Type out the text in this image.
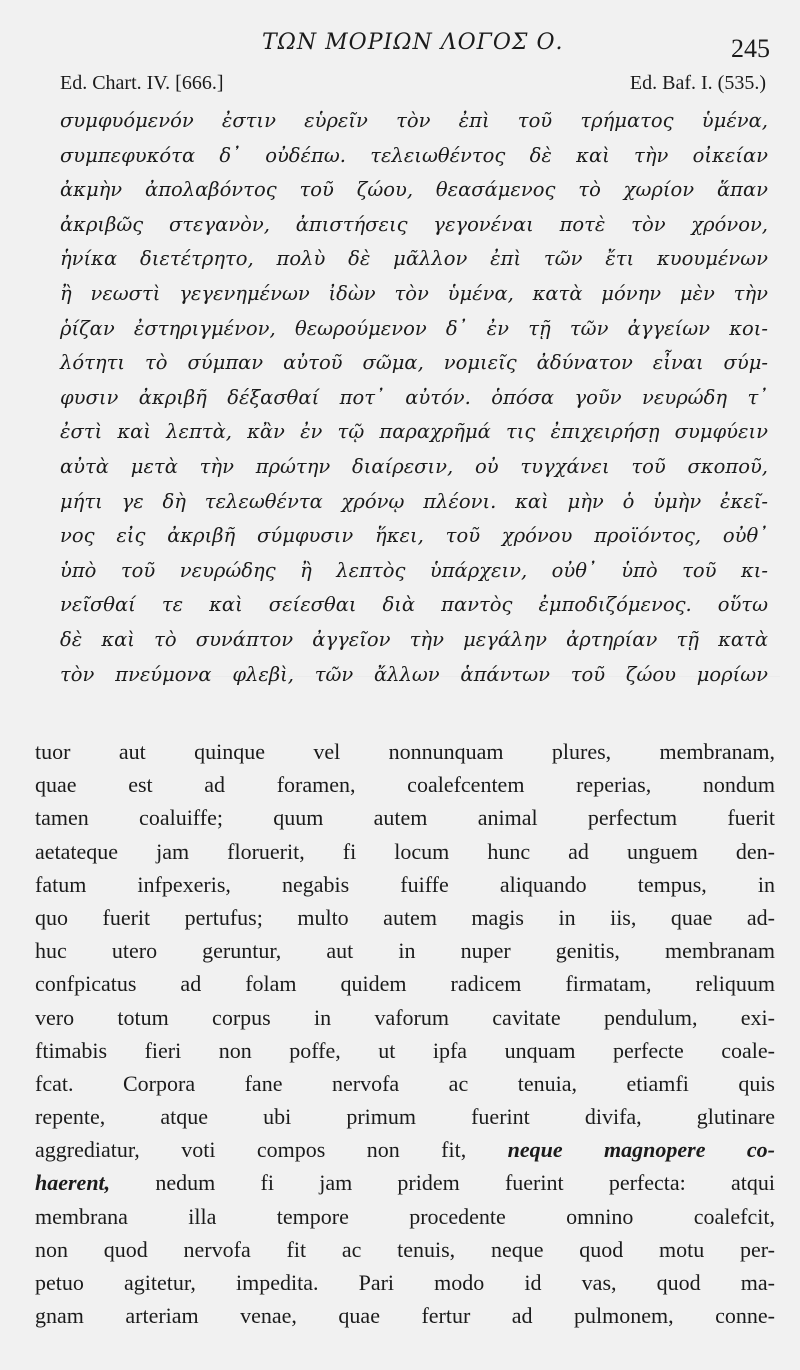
ΤΩΝ ΜΟΡΙΩΝ ΛΟΓΟΣ Ο.	245
Ed. Chart. IV. [666.]	Ed. Baf. I. (535.)
συμφυόμενόν ἐστιν εὑρεῖν τὸν ἐπὶ τοῦ τρήματος ὑμένα,
συμπεφυκότα δ᾿ οὐδέπω. τελειωθέντος δὲ καὶ τὴν οἰκείαν
ἀκμὴν ἀπολαβόντος τοῦ ζώου, θεασάμενος τὸ χωρίον ἅπαν
ἀκριβῶς στεγανὸν, ἀπιστήσεις γεγονέναι ποτὲ τὸν χρόνον,
ἡνίκα διετέτρητο, πολὺ δὲ μᾶλλον ἐπὶ τῶν ἔτι κυουμένων
ἢ νεωστὶ γεγενημένων ἰδὼν τὸν ὑμένα, κατὰ μόνην μὲν τὴν
ῥίζαν ἐστηριγμένον, θεωρούμενον δ᾿ ἐν τῇ τῶν ἀγγείων κοι-
λότητι τὸ σύμπαν αὐτοῦ σῶμα, νομιεῖς ἀδύνατον εἶναι σύμ-
φυσιν ἀκριβῆ δέξασθαί ποτ᾿ αὐτόν. ὁπόσα γοῦν νευρώδη τ᾿
ἐστὶ καὶ λεπτὰ, κἂν ἐν τῷ παραχρῆμά τις ἐπιχειρήσῃ συμφύειν
αὐτὰ μετὰ τὴν πρώτην διαίρεσιν, οὐ τυγχάνει τοῦ σκοποῦ,
μήτι γε δὴ τελεωθέντα χρόνῳ πλέονι. καὶ μὴν ὁ ὑμὴν ἐκεῖ-
νος εἰς ἀκριβῆ σύμφυσιν ἥκει, τοῦ χρόνου προϊόντος, οὐθ᾿
ὑπὸ τοῦ νευρώδης ἢ λεπτὸς ὑπάρχειν, οὐθ᾿ ὑπὸ τοῦ κι-
νεῖσθαί τε καὶ σείεσθαι διὰ παντὸς ἐμποδιζόμενος. οὕτω
δὲ καὶ τὸ συνάπτον ἀγγεῖον τὴν μεγάλην ἀρτηρίαν τῇ κατὰ
τὸν πνεύμονα φλεβὶ, τῶν ἄλλων ἁπάντων τοῦ ζώου μορίων
tuor aut quinque vel nonnunquam plures, membranam,
quae est ad foramen, coalefcentem reperias, nondum
tamen coaluiffe; quum autem animal perfectum fuerit
aetateque jam floruerit, fi locum hunc ad unguem den-
fatum infpexeris, negabis fuiffe aliquando tempus, in
quo fuerit pertufus; multo autem magis in iis, quae ad-
huc utero geruntur, aut in nuper genitis, membranam
confpicatus ad folam quidem radicem firmatam, reliquum
vero totum corpus in vaforum cavitate pendulum, exi-
ftimabis fieri non poffe, ut ipfa unquam perfecte coale-
fcat. Corpora fane nervofa ac tenuia, etiamfi quis
repente, atque ubi primum fuerint divifa, glutinare
aggrediatur, voti compos non fit, neque magnopere co-
haerent, nedum fi jam pridem fuerint perfecta: atqui
membrana illa tempore procedente omnino coalefcit,
non quod nervofa fit ac tenuis, neque quod motu per-
petuo agitetur, impedita. Pari modo id vas, quod ma-
gnam arteriam venae, quae fertur ad pulmonem, conne-
